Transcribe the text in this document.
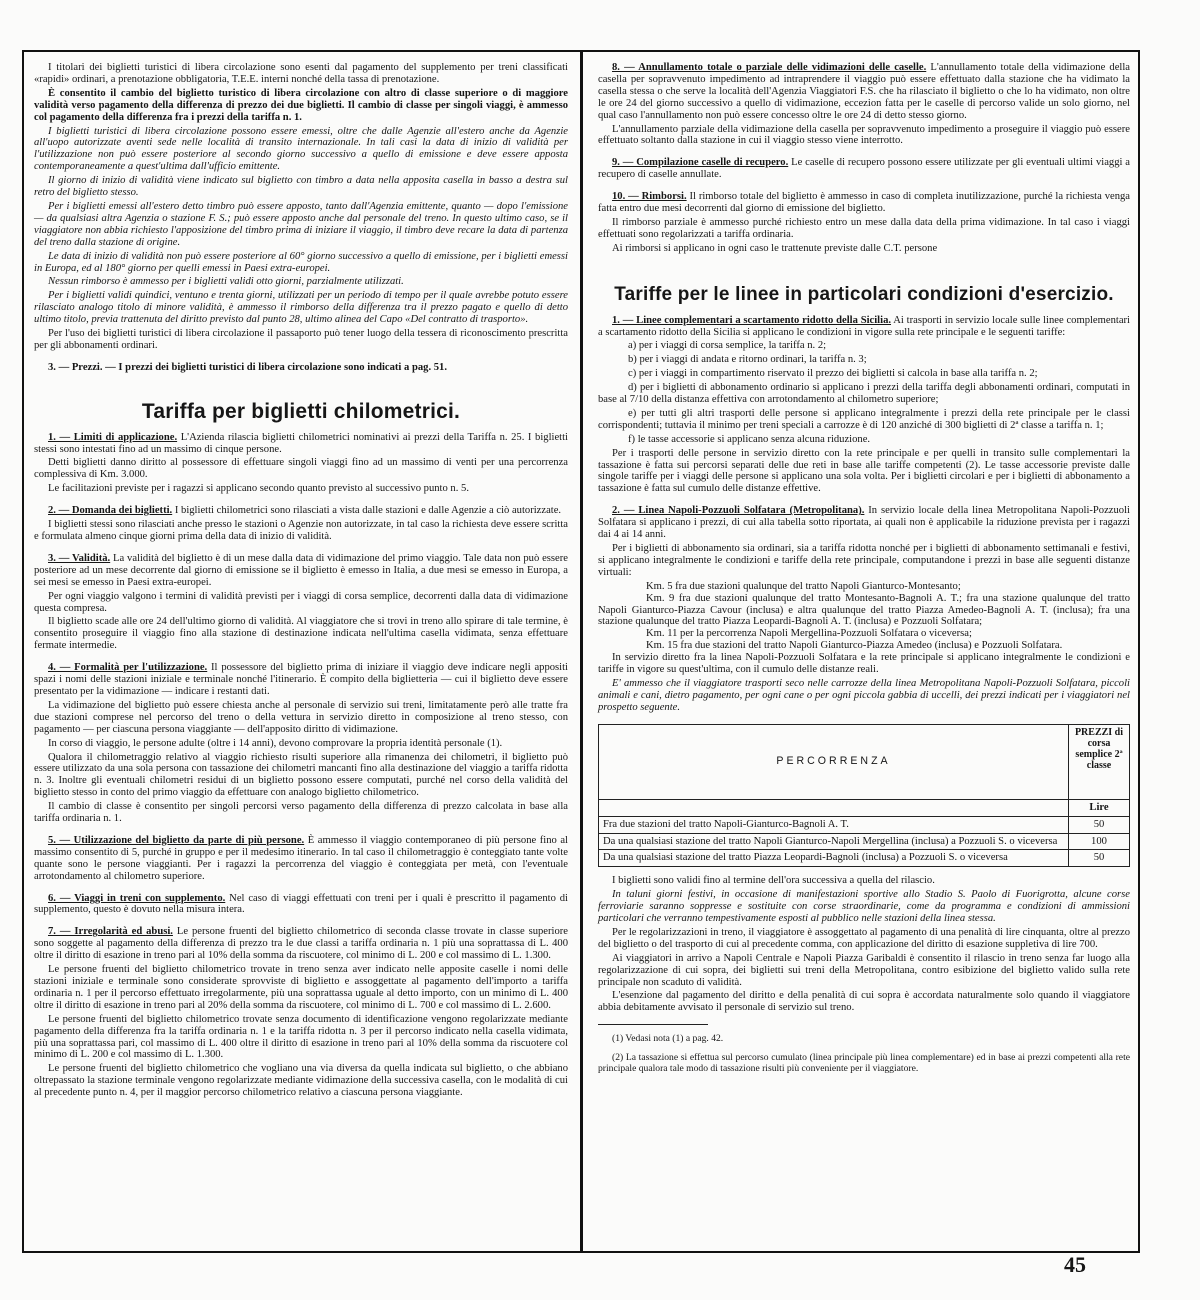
I titolari dei biglietti turistici di libera circolazione sono esenti dal pagamento del supplemento per treni classificati «rapidi» ordinari, a prenotazione obbligatoria, T.E.E. interni nonché della tassa di prenotazione.

È consentito il cambio del biglietto turistico di libera circolazione con altro di classe superiore o di maggiore validità verso pagamento della differenza di prezzo dei due biglietti. Il cambio di classe per singoli viaggi, è ammesso col pagamento della differenza fra i prezzi della tariffa n. 1.

I biglietti turistici di libera circolazione possono essere emessi, oltre che dalle Agenzie all'estero anche da Agenzie all'uopo autorizzate aventi sede nelle località di transito internazionale. In tali casi la data di inizio di validità per l'utilizzazione non può essere posteriore al secondo giorno successivo a quello di emissione e deve essere apposta contemporaneamente a quest'ultima dall'ufficio emittente.

Il giorno di inizio di validità viene indicato sul biglietto con timbro a data nella apposita casella in basso a destra sul retro del biglietto stesso.

Per i biglietti emessi all'estero detto timbro può essere apposto, tanto dall'Agenzia emittente, quanto — dopo l'emissione — da qualsiasi altra Agenzia o stazione F. S.; può essere apposto anche dal personale del treno. In questo ultimo caso, se il viaggiatore non abbia richiesto l'apposizione del timbro prima di iniziare il viaggio, il timbro deve recare la data di partenza del treno dalla stazione di origine.

Le data di inizio di validità non può essere posteriore al 60° giorno successivo a quello di emissione, per i biglietti emessi in Europa, ed al 180° giorno per quelli emessi in Paesi extra-europei.

Nessun rimborso è ammesso per i biglietti validi otto giorni, parzialmente utilizzati.

Per i biglietti validi quindici, ventuno e trenta giorni, utilizzati per un periodo di tempo per il quale avrebbe potuto essere rilasciato analogo titolo di minore validità, è ammesso il rimborso della differenza tra il prezzo pagato e quello di detto ultimo titolo, previa trattenuta del diritto previsto dal punto 28, ultimo alinea del Capo «Del contratto di trasporto».

Per l'uso dei biglietti turistici di libera circolazione il passaporto può tener luogo della tessera di riconoscimento prescritta per gli abbonamenti ordinari.

3. — Prezzi. — I prezzi dei biglietti turistici di libera circolazione sono indicati a pag. 51.

Tariffa per biglietti chilometrici.

1. — Limiti di applicazione. L'Azienda rilascia biglietti chilometrici nominativi ai prezzi della Tariffa n. 25. I biglietti stessi sono intestati fino ad un massimo di cinque persone.

Detti biglietti danno diritto al possessore di effettuare singoli viaggi fino ad un massimo di venti per una percorrenza complessiva di Km. 3.000.

Le facilitazioni previste per i ragazzi si applicano secondo quanto previsto al successivo punto n. 5.

2. — Domanda dei biglietti. I biglietti chilometrici sono rilasciati a vista dalle stazioni e dalle Agenzie a ciò autorizzate.

I biglietti stessi sono rilasciati anche presso le stazioni o Agenzie non autorizzate, in tal caso la richiesta deve essere scritta e formulata almeno cinque giorni prima della data di inizio di validità.

3. — Validità. La validità del biglietto è di un mese dalla data di vidimazione del primo viaggio. Tale data non può essere posteriore ad un mese decorrente dal giorno di emissione se il biglietto è emesso in Italia, a due mesi se emesso in Europa, a sei mesi se emesso in Paesi extra-europei.

Per ogni viaggio valgono i termini di validità previsti per i viaggi di corsa semplice, decorrenti dalla data di vidimazione questa compresa.

Il biglietto scade alle ore 24 dell'ultimo giorno di validità. Al viaggiatore che si trovi in treno allo spirare di tale termine, è consentito proseguire il viaggio fino alla stazione di destinazione indicata nell'ultima casella vidimata, senza effettuare fermate intermedie.

4. — Formalità per l'utilizzazione. Il possessore del biglietto prima di iniziare il viaggio deve indicare negli appositi spazi i nomi delle stazioni iniziale e terminale nonché l'itinerario. È compito della biglietteria — cui il biglietto deve essere presentato per la vidimazione — indicare i restanti dati.

La vidimazione del biglietto può essere chiesta anche al personale di servizio sui treni, limitatamente però alle tratte fra due stazioni comprese nel percorso del treno o della vettura in servizio diretto in composizione al treno stesso, con pagamento — per ciascuna persona viaggiante — dell'apposito diritto di vidimazione.

In corso di viaggio, le persone adulte (oltre i 14 anni), devono comprovare la propria identità personale (1).

Qualora il chilometraggio relativo al viaggio richiesto risulti superiore alla rimanenza dei chilometri, il biglietto può essere utilizzato da una sola persona con tassazione dei chilometri mancanti fino alla destinazione del viaggio a tariffa ridotta n. 3. Inoltre gli eventuali chilometri residui di un biglietto possono essere computati, purché nel corso della validità del biglietto stesso in conto del primo viaggio da effettuare con analogo biglietto chilometrico.

Il cambio di classe è consentito per singoli percorsi verso pagamento della differenza di prezzo calcolata in base alla tariffa ordinaria n. 1.

5. — Utilizzazione del biglietto da parte di più persone. È ammesso il viaggio contemporaneo di più persone fino al massimo consentito di 5, purché in gruppo e per il medesimo itinerario. In tal caso il chilometraggio è conteggiato tante volte quante sono le persone viaggianti. Per i ragazzi la percorrenza del viaggio è conteggiata per metà, con l'eventuale arrotondamento al chilometro superiore.

6. — Viaggi in treni con supplemento. Nel caso di viaggi effettuati con treni per i quali è prescritto il pagamento di supplemento, questo è dovuto nella misura intera.

7. — Irregolarità ed abusi. Le persone fruenti del biglietto chilometrico di seconda classe trovate in classe superiore sono soggette al pagamento della differenza di prezzo tra le due classi a tariffa ordinaria n. 1 più una soprattassa di L. 400 oltre il diritto di esazione in treno pari al 10% della somma da riscuotere, col minimo di L. 200 e col massimo di L. 1.300.

Le persone fruenti del biglietto chilometrico trovate in treno senza aver indicato nelle apposite caselle i nomi delle stazioni iniziale e terminale sono considerate sprovviste di biglietto e assoggettate al pagamento dell'importo a tariffa ordinaria n. 1 per il percorso effettuato irregolarmente, più una soprattassa uguale al detto importo, con un minimo di L. 400 oltre il diritto di esazione in treno pari al 20% della somma da riscuotere, col minimo di L. 700 e col massimo di L. 2.600.

Le persone fruenti del biglietto chilometrico trovate senza documento di identificazione vengono regolarizzate mediante pagamento della differenza fra la tariffa ordinaria n. 1 e la tariffa ridotta n. 3 per il percorso indicato nella casella vidimata, più una soprattassa pari, col massimo di L. 400 oltre il diritto di esazione in treno pari al 10% della somma da riscuotere col minimo di L. 200 e col massimo di L. 1.300.

Le persone fruenti del biglietto chilometrico che vogliano una via diversa da quella indicata sul biglietto, o che abbiano oltrepassato la stazione terminale vengono regolarizzate mediante vidimazione della successiva casella, con le modalità di cui al precedente punto n. 4, per il maggior percorso chilometrico relativo a ciascuna persona viaggiante.

8. — Annullamento totale o parziale delle vidimazioni delle caselle. L'annullamento totale della vidimazione della casella per sopravvenuto impedimento ad intraprendere il viaggio può essere effettuato dalla stazione che ha vidimato la casella stessa o che serve la località dell'Agenzia Viaggiatori F.S. che ha rilasciato il biglietto o che lo ha vidimato, non oltre le ore 24 del giorno successivo a quello di vidimazione, eccezion fatta per le caselle di percorso valide un solo giorno, nel qual caso l'annullamento non può essere concesso oltre le ore 24 di detto stesso giorno.

L'annullamento parziale della vidimazione della casella per sopravvenuto impedimento a proseguire il viaggio può essere effettuato soltanto dalla stazione in cui il viaggio stesso viene interrotto.

9. — Compilazione caselle di recupero. Le caselle di recupero possono essere utilizzate per gli eventuali ultimi viaggi a recupero di caselle annullate.

10. — Rimborsi. Il rimborso totale del biglietto è ammesso in caso di completa inutilizzazione, purché la richiesta venga fatta entro due mesi decorrenti dal giorno di emissione del biglietto.

Il rimborso parziale è ammesso purché richiesto entro un mese dalla data della prima vidimazione. In tal caso i viaggi effettuati sono regolarizzati a tariffa ordinaria.

Ai rimborsi si applicano in ogni caso le trattenute previste dalle C.T. persone

Tariffe per le linee in particolari condizioni d'esercizio.

1. — Linee complementari a scartamento ridotto della Sicilia. Ai trasporti in servizio locale sulle linee complementari a scartamento ridotto della Sicilia si applicano le condizioni in vigore sulla rete principale e le seguenti tariffe:

a) per i viaggi di corsa semplice, la tariffa n. 2;

b) per i viaggi di andata e ritorno ordinari, la tariffa n. 3;

c) per i viaggi in compartimento riservato il prezzo dei biglietti si calcola in base alla tariffa n. 2;

d) per i biglietti di abbonamento ordinario si applicano i prezzi della tariffa degli abbonamenti ordinari, computati in base al 7/10 della distanza effettiva con arrotondamento al chilometro superiore;

e) per tutti gli altri trasporti delle persone si applicano integralmente i prezzi della rete principale per le classi corrispondenti; tuttavia il minimo per treni speciali a carrozze è di 120 anziché di 300 biglietti di 2ª classe a tariffa n. 1;

f) le tasse accessorie si applicano senza alcuna riduzione.

Per i trasporti delle persone in servizio diretto con la rete principale e per quelli in transito sulle complementari la tassazione è fatta sui percorsi separati delle due reti in base alle tariffe competenti (2). Le tasse accessorie previste dalle singole tariffe per i viaggi delle persone si applicano una sola volta. Per i biglietti circolari e per i biglietti di abbonamento a tassazione è fatta sul cumulo delle distanze effettive.

2. — Linea Napoli-Pozzuoli Solfatara (Metropolitana). In servizio locale della linea Metropolitana Napoli-Pozzuoli Solfatara si applicano i prezzi, di cui alla tabella sotto riportata, ai quali non è applicabile la riduzione prevista per i ragazzi dai 4 ai 14 anni.

Per i biglietti di abbonamento sia ordinari, sia a tariffa ridotta nonché per i biglietti di abbonamento settimanali e festivi, si applicano integralmente le condizioni e tariffe della rete principale, computandone i prezzi in base alle seguenti distanze virtuali:

Km. 5 fra due stazioni qualunque del tratto Napoli Gianturco-Montesanto;

Km. 9 fra due stazioni qualunque del tratto Montesanto-Bagnoli A. T.; fra una stazione qualunque del tratto Napoli Gianturco-Piazza Cavour (inclusa) e altra qualunque del tratto Piazza Amedeo-Bagnoli A. T. (inclusa); fra una stazione qualunque del tratto Piazza Leopardi-Bagnoli A. T. (inclusa) e Pozzuoli Solfatara;

Km. 11 per la percorrenza Napoli Mergellina-Pozzuoli Solfatara o viceversa;

Km. 15 fra due stazioni del tratto Napoli Gianturco-Piazza Amedeo (inclusa) e Pozzuoli Solfatara.

In servizio diretto fra la linea Napoli-Pozzuoli Solfatara e la rete principale si applicano integralmente le condizioni e tariffe in vigore su quest'ultima, con il cumulo delle distanze reali.

E' ammesso che il viaggiatore trasporti seco nelle carrozze della linea Metropolitana Napoli-Pozzuoli Solfatara, piccoli animali e cani, dietro pagamento, per ogni cane o per ogni piccola gabbia di uccelli, dei prezzi indicati per i viaggiatori nel prospetto seguente.

PERCORRENZA	PREZZI di corsa semplice 2ª classe
	Lire
Fra due stazioni del tratto Napoli-Gianturco-Bagnoli A. T.	50
Da una qualsiasi stazione del tratto Napoli Gianturco-Napoli Mergellina (inclusa) a Pozzuoli S. o viceversa	100
Da una qualsiasi stazione del tratto Piazza Leopardi-Bagnoli (inclusa) a Pozzuoli S. o viceversa	50

I biglietti sono validi fino al termine dell'ora successiva a quella del rilascio.

In taluni giorni festivi, in occasione di manifestazioni sportive allo Stadio S. Paolo di Fuorigrotta, alcune corse ferroviarie saranno soppresse e sostituite con corse straordinarie, come da programma e condizioni di ammissioni particolari che verranno tempestivamente esposti al pubblico nelle stazioni della linea stessa.

Per le regolarizzazioni in treno, il viaggiatore è assoggettato al pagamento di una penalità di lire cinquanta, oltre al prezzo del biglietto o del trasporto di cui al precedente comma, con applicazione del diritto di esazione suppletiva di lire 700.

Ai viaggiatori in arrivo a Napoli Centrale e Napoli Piazza Garibaldi è consentito il rilascio in treno senza far luogo alla regolarizzazione di cui sopra, dei biglietti sui treni della Metropolitana, contro esibizione del biglietto valido sulla rete principale non scaduto di validità.

L'esenzione dal pagamento del diritto e della penalità di cui sopra è accordata naturalmente solo quando il viaggiatore abbia debitamente avvisato il personale di servizio sul treno.

(1) Vedasi nota (1) a pag. 42.

(2) La tassazione si effettua sul percorso cumulato (linea principale più linea complementare) ed in base ai prezzi competenti alla rete principale qualora tale modo di tassazione risulti più conveniente per il viaggiatore.

45
